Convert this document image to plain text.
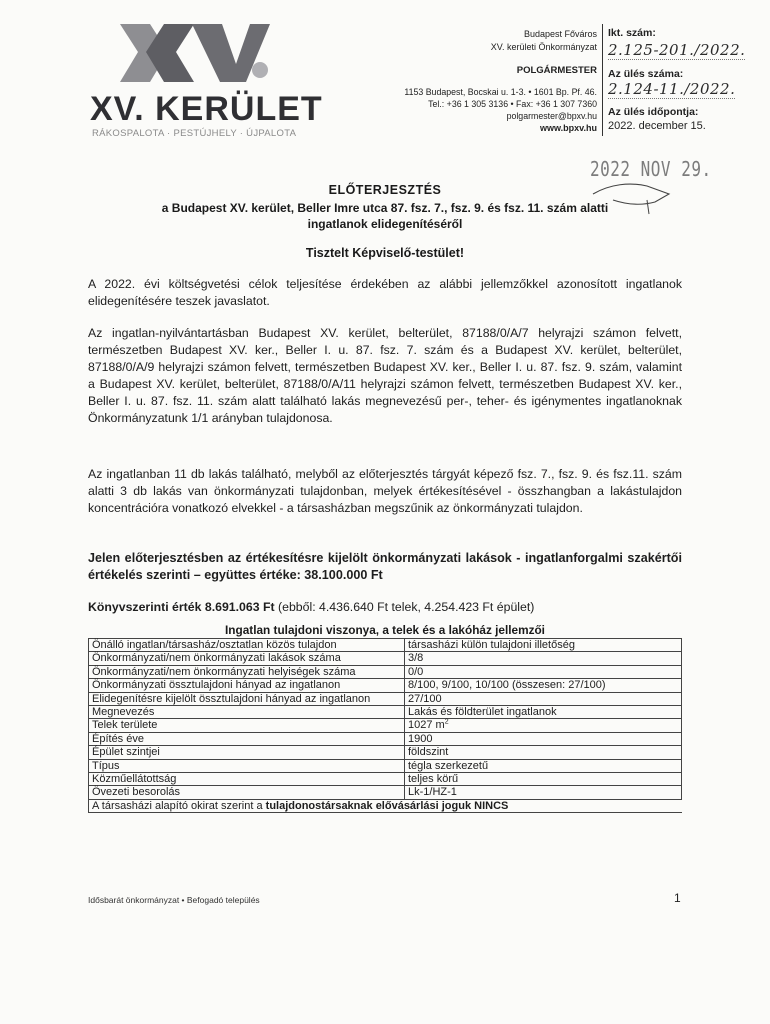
XV. KERÜLET
RÁKOSPALOTA · PESTÚJHELY · ÚJPALOTA
Budapest Főváros
XV. kerületi Önkormányzat
POLGÁRMESTER
1153 Budapest, Bocskai u. 1-3. • 1601 Bp. Pf. 46.
Tel.: +36 1 305 3136 • Fax: +36 1 307 7360
polgarmester@bpxv.hu
www.bpxv.hu
Ikt. szám:
2.125-201./2022.
Az ülés száma:
2.124-11./2022.
Az ülés időpontja:
2022. december 15.
2022 NOV 29.
ELŐTERJESZTÉS
a Budapest XV. kerület, Beller Imre utca 87. fsz. 7., fsz. 9. és fsz. 11. szám alatti
ingatlanok elidegenítéséről
Tisztelt Képviselő-testület!
A 2022. évi költségvetési célok teljesítése érdekében az alábbi jellemzőkkel azonosított ingatlanok elidegenítésére teszek javaslatot.
Az ingatlan-nyilvántartásban Budapest XV. kerület, belterület, 87188/0/A/7 helyrajzi számon felvett, természetben Budapest XV. ker., Beller I. u. 87. fsz. 7. szám és a Budapest XV. kerület, belterület, 87188/0/A/9 helyrajzi számon felvett, természetben Budapest XV. ker., Beller I. u. 87. fsz. 9. szám, valamint a Budapest XV. kerület, belterület, 87188/0/A/11 helyrajzi számon felvett, természetben Budapest XV. ker., Beller I. u. 87. fsz. 11. szám alatt található lakás megnevezésű per-, teher- és igénymentes ingatlanoknak Önkormányzatunk 1/1 arányban tulajdonosa.
Az ingatlanban 11 db lakás található, melyből az előterjesztés tárgyát képező fsz. 7., fsz. 9. és fsz.11. szám alatti 3 db lakás van önkormányzati tulajdonban, melyek értékesítésével - összhangban a lakástulajdon koncentrációra vonatkozó elvekkel - a társasházban megszűnik az önkormányzati tulajdon.
Jelen előterjesztésben az értékesítésre kijelölt önkormányzati lakások - ingatlanforgalmi szakértői értékelés szerinti – együttes értéke: 38.100.000 Ft
Könyvszerinti érték 8.691.063 Ft (ebből: 4.436.640 Ft telek, 4.254.423 Ft épület)
Ingatlan tulajdoni viszonya, a telek és a lakóház jellemzői
Önálló ingatlan/társasház/osztatlan közös tulajdon	társasházi külön tulajdoni illetőség
Önkormányzati/nem önkormányzati lakások száma	3/8
Önkormányzati/nem önkormányzati helyiségek száma	0/0
Önkormányzati össztulajdoni hányad az ingatlanon	8/100, 9/100, 10/100 (összesen: 27/100)
Elidegenítésre kijelölt össztulajdoni hányad az ingatlanon	27/100
Megnevezés	Lakás és földterület ingatlanok
Telek területe	1027 $m^2$
Építés éve	1900
Épület szintjei	földszint
Típus	tégla szerkezetű
Közműellátottság	teljes körű
Övezeti besorolás	Lk-1/HZ-1
A társasházi alapító okirat szerint a tulajdonostársaknak elővásárlási joguk NINCS	
Idősbarát önkormányzat • Befogadó település	1
